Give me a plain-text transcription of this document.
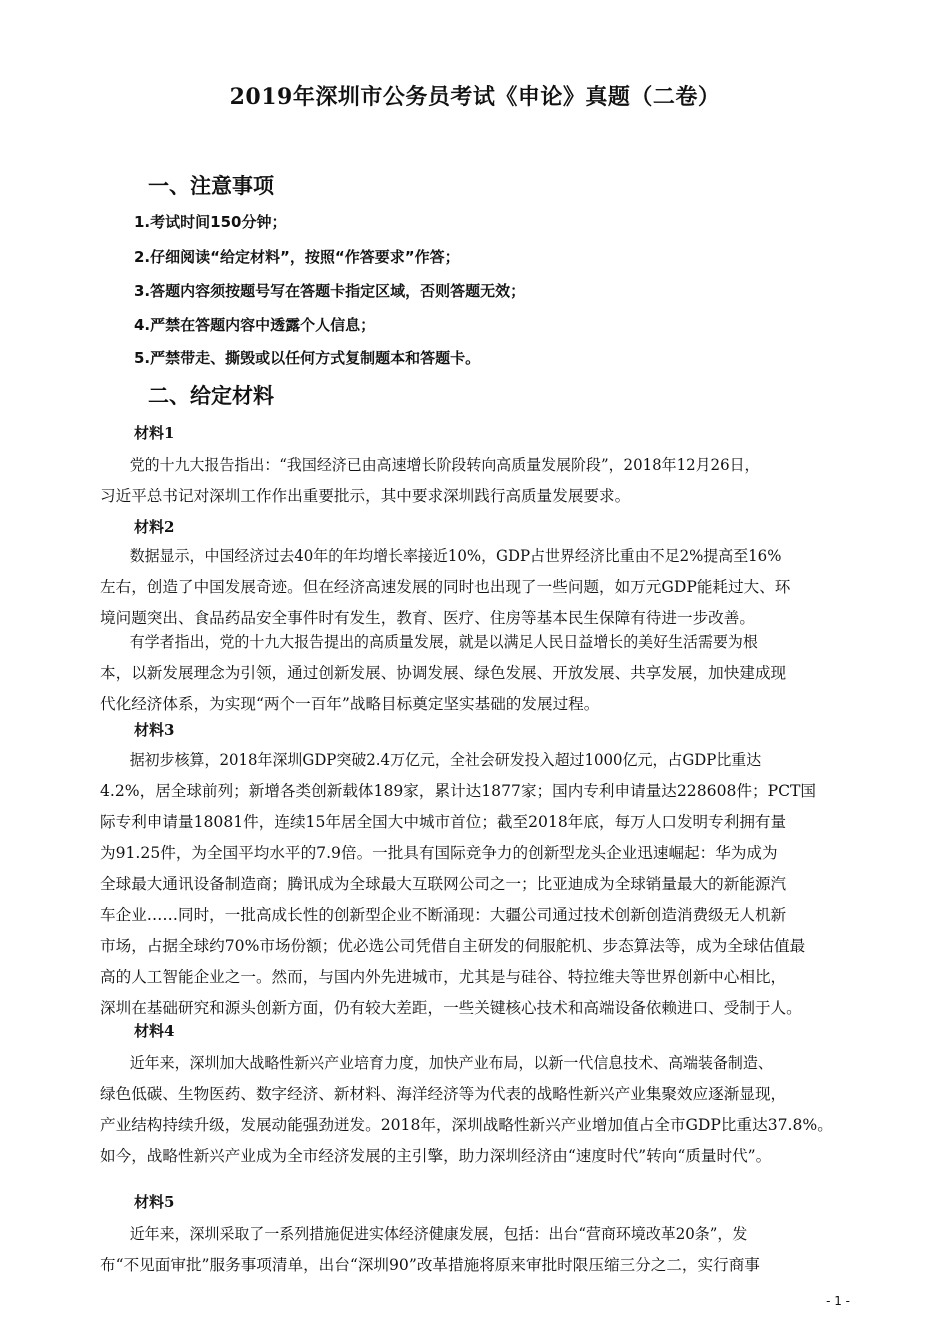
2019年深圳市公务员考试《申论》真题（二卷）
一、注意事项
1.考试时间150分钟；
2.仔细阅读“给定材料”，按照“作答要求”作答；
3.答题内容须按题号写在答题卡指定区域，否则答题无效；
4.严禁在答题内容中透露个人信息；
5.严禁带走、撕毁或以任何方式复制题本和答题卡。
二、给定材料
材料1
党的十九大报告指出：“我国经济已由高速增长阶段转向高质量发展阶段”，2018年12月26日，
习近平总书记对深圳工作作出重要批示，其中要求深圳践行高质量发展要求。
材料2
数据显示，中国经济过去40年的年均增长率接近10%，GDP占世界经济比重由不足2%提高至16%
左右，创造了中国发展奇迹。但在经济高速发展的同时也出现了一些问题，如万元GDP能耗过大、环
境问题突出、食品药品安全事件时有发生，教育、医疗、住房等基本民生保障有待进一步改善。
有学者指出，党的十九大报告提出的高质量发展，就是以满足人民日益增长的美好生活需要为根
本，以新发展理念为引领，通过创新发展、协调发展、绿色发展、开放发展、共享发展，加快建成现
代化经济体系，为实现“两个一百年”战略目标奠定坚实基础的发展过程。
材料3
据初步核算，2018年深圳GDP突破2.4万亿元，全社会研发投入超过1000亿元，占GDP比重达
4.2%，居全球前列；新增各类创新载体189家，累计达1877家；国内专利申请量达228608件；PCT国
际专利申请量18081件，连续15年居全国大中城市首位；截至2018年底，每万人口发明专利拥有量
为91.25件，为全国平均水平的7.9倍。一批具有国际竞争力的创新型龙头企业迅速崛起：华为成为
全球最大通讯设备制造商；腾讯成为全球最大互联网公司之一；比亚迪成为全球销量最大的新能源汽
车企业……同时，一批高成长性的创新型企业不断涌现：大疆公司通过技术创新创造消费级无人机新
市场，占据全球约70%市场份额；优必选公司凭借自主研发的伺服舵机、步态算法等，成为全球估值最
高的人工智能企业之一。然而，与国内外先进城市，尤其是与硅谷、特拉维夫等世界创新中心相比，
深圳在基础研究和源头创新方面，仍有较大差距，一些关键核心技术和高端设备依赖进口、受制于人。
材料4
近年来，深圳加大战略性新兴产业培育力度，加快产业布局，以新一代信息技术、高端装备制造、
绿色低碳、生物医药、数字经济、新材料、海洋经济等为代表的战略性新兴产业集聚效应逐渐显现，
产业结构持续升级，发展动能强劲迸发。2018年，深圳战略性新兴产业增加值占全市GDP比重达37.8%。
如今，战略性新兴产业成为全市经济发展的主引擎，助力深圳经济由“速度时代”转向“质量时代”。
材料5
近年来，深圳采取了一系列措施促进实体经济健康发展，包括：出台“营商环境改革20条”，发
布“不见面审批”服务事项清单，出台“深圳90”改革措施将原来审批时限压缩三分之二，实行商事
- 1 -
